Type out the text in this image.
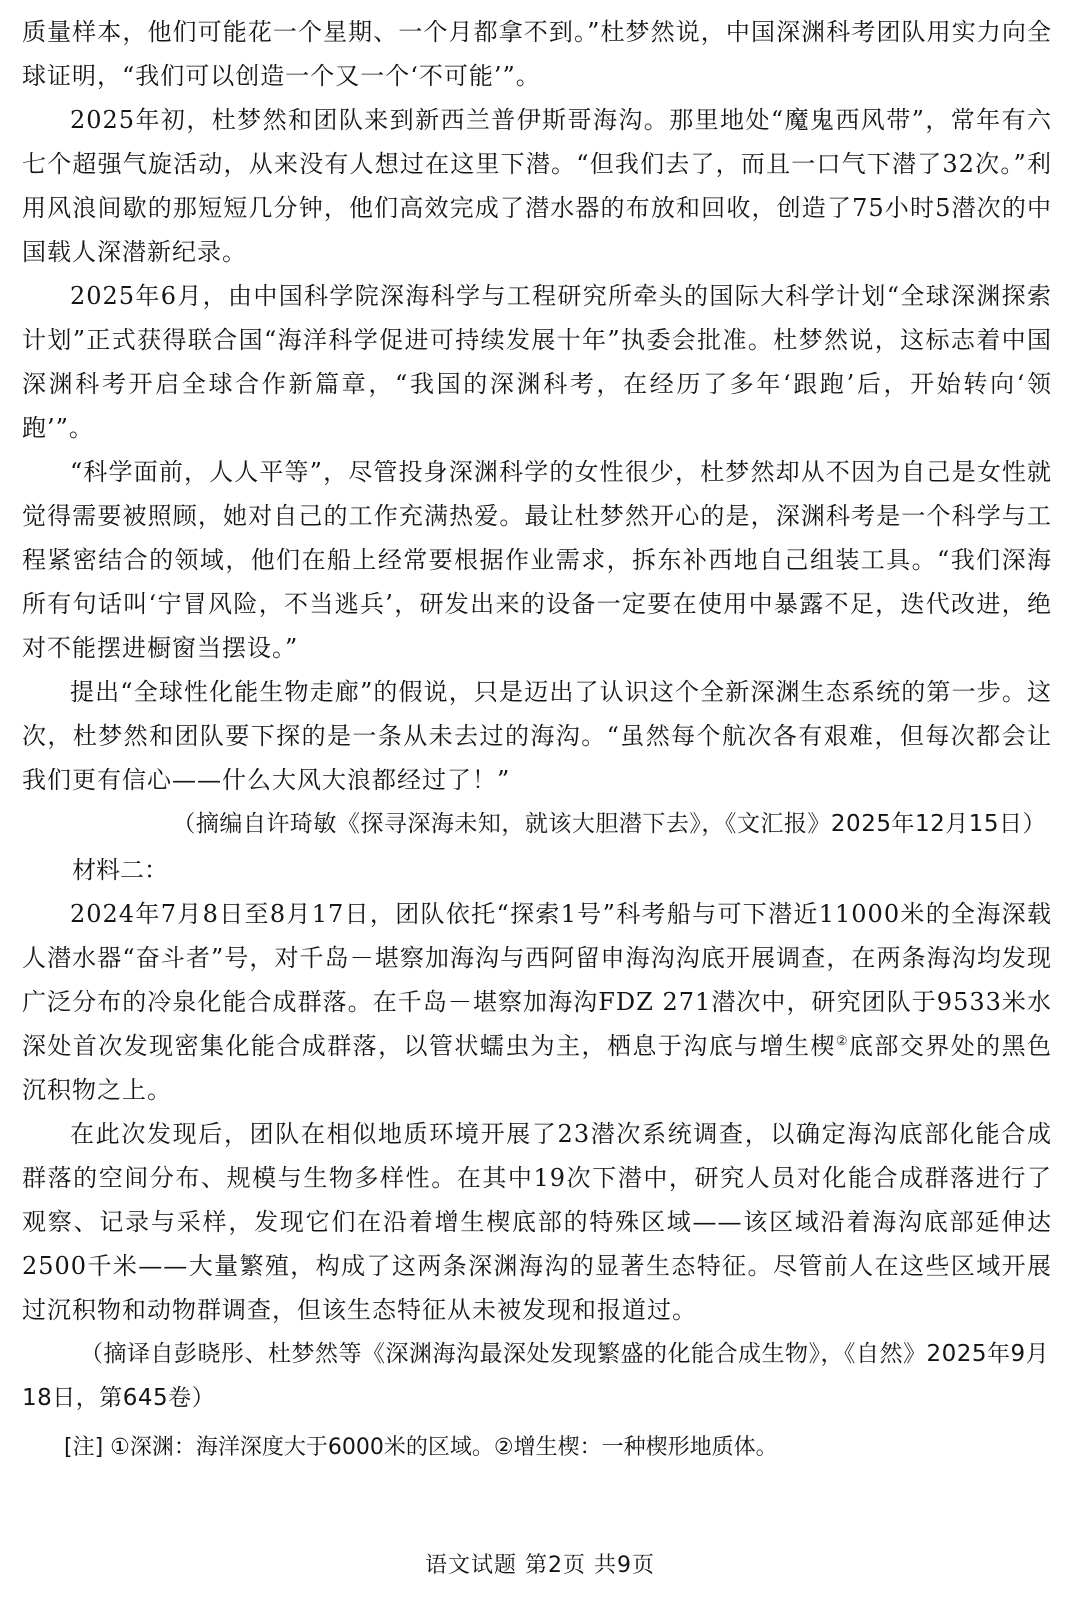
质量样本，他们可能花一个星期、一个月都拿不到。”杜梦然说，中国深渊科考团队用实力向全球证明，“我们可以创造一个又一个‘不可能’”。

2025年初，杜梦然和团队来到新西兰普伊斯哥海沟。那里地处“魔鬼西风带”，常年有六七个超强气旋活动，从来没有人想过在这里下潜。“但我们去了，而且一口气下潜了32次。”利用风浪间歇的那短短几分钟，他们高效完成了潜水器的布放和回收，创造了75小时5潜次的中国载人深潜新纪录。

2025年6月，由中国科学院深海科学与工程研究所牵头的国际大科学计划“全球深渊探索计划”正式获得联合国“海洋科学促进可持续发展十年”执委会批准。杜梦然说，这标志着中国深渊科考开启全球合作新篇章，“我国的深渊科考，在经历了多年‘跟跑’后，开始转向‘领跑’”。

“科学面前，人人平等”，尽管投身深渊科学的女性很少，杜梦然却从不因为自己是女性就觉得需要被照顾，她对自己的工作充满热爱。最让杜梦然开心的是，深渊科考是一个科学与工程紧密结合的领域，他们在船上经常要根据作业需求，拆东补西地自己组装工具。“我们深海所有句话叫‘宁冒风险，不当逃兵’，研发出来的设备一定要在使用中暴露不足，迭代改进，绝对不能摆进橱窗当摆设。”

提出“全球性化能生物走廊”的假说，只是迈出了认识这个全新深渊生态系统的第一步。这次，杜梦然和团队要下探的是一条从未去过的海沟。“虽然每个航次各有艰难，但每次都会让我们更有信心——什么大风大浪都经过了！”

（摘编自许琦敏《探寻深海未知，就该大胆潜下去》，《文汇报》2025年12月15日）

材料二：

2024年7月8日至8月17日，团队依托“探索1号”科考船与可下潜近11000米的全海深载人潜水器“奋斗者”号，对千岛－堪察加海沟与西阿留申海沟沟底开展调查，在两条海沟均发现广泛分布的冷泉化能合成群落。在千岛－堪察加海沟FDZ 271潜次中，研究团队于9533米水深处首次发现密集化能合成群落，以管状蠕虫为主，栖息于沟底与增生楔②底部交界处的黑色沉积物之上。

在此次发现后，团队在相似地质环境开展了23潜次系统调查，以确定海沟底部化能合成群落的空间分布、规模与生物多样性。在其中19次下潜中，研究人员对化能合成群落进行了观察、记录与采样，发现它们在沿着增生楔底部的特殊区域——该区域沿着海沟底部延伸达2500千米——大量繁殖，构成了这两条深渊海沟的显著生态特征。尽管前人在这些区域开展过沉积物和动物群调查，但该生态特征从未被发现和报道过。

（摘译自彭晓彤、杜梦然等《深渊海沟最深处发现繁盛的化能合成生物》，《自然》2025年9月18日，第645卷）

[注] ①深渊：海洋深度大于6000米的区域。②增生楔：一种楔形地质体。

语文试题 第2页 共9页
